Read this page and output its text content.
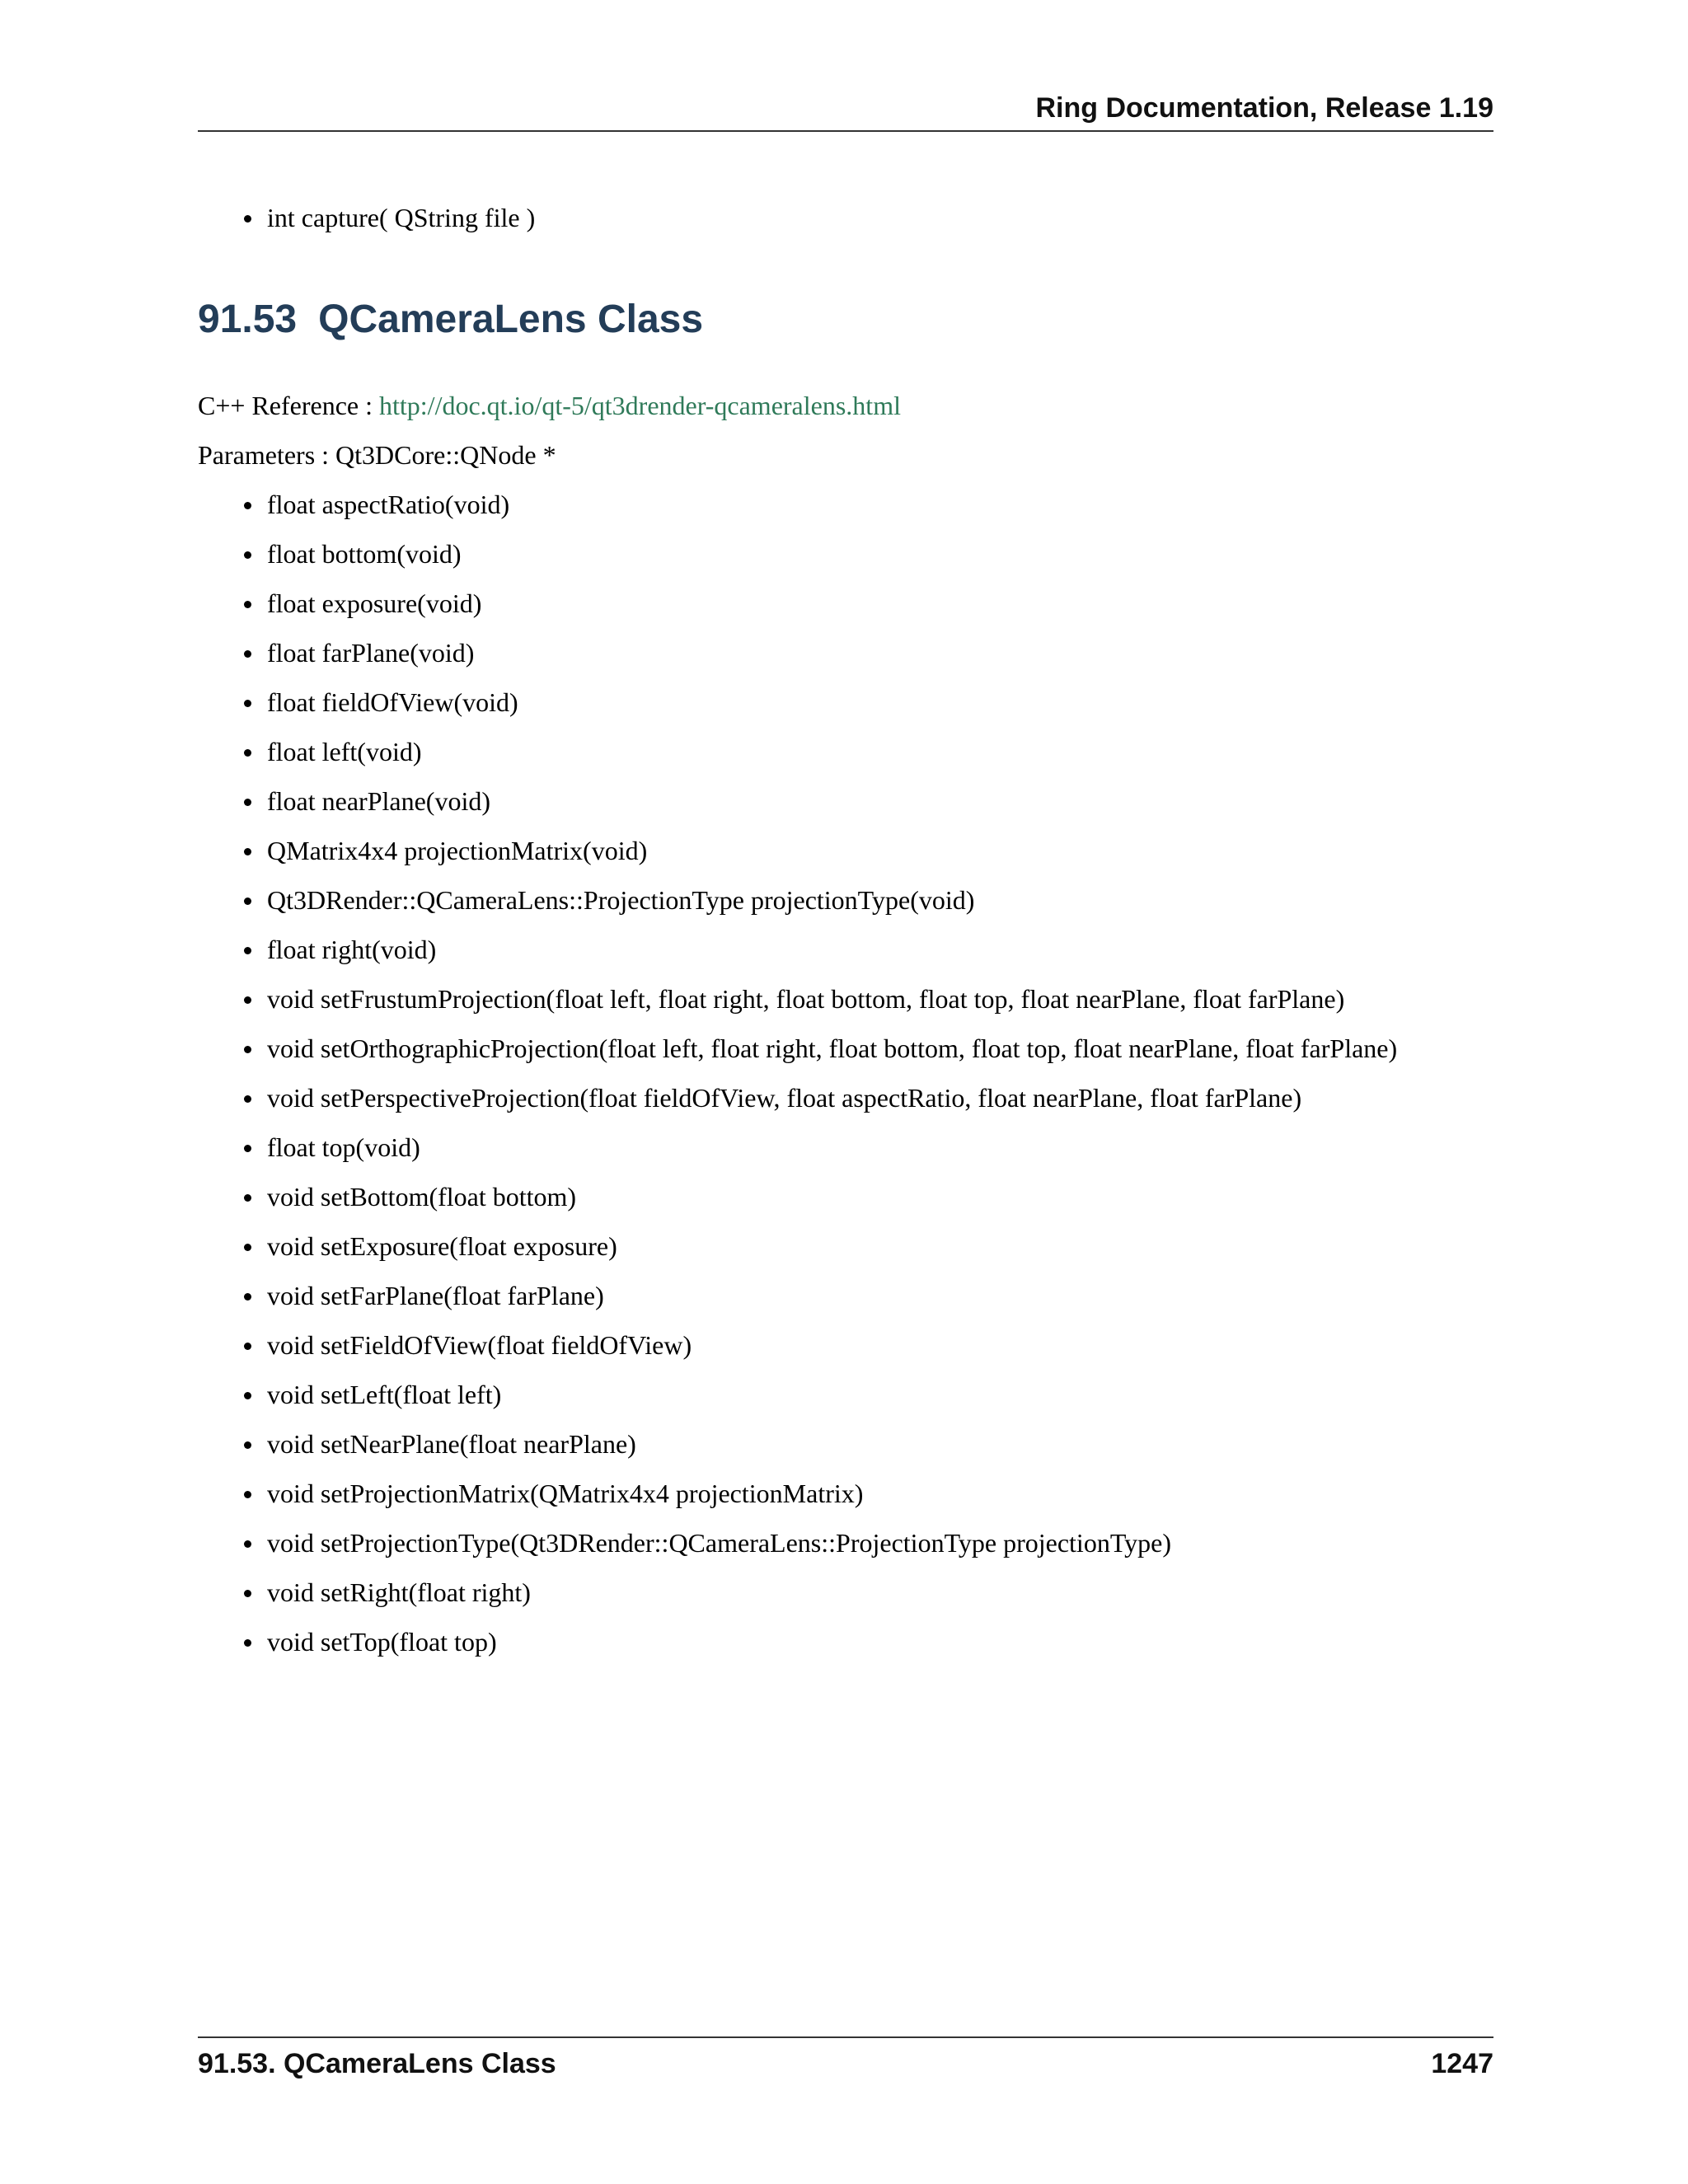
Ring Documentation, Release 1.19
int capture( QString file )
91.53 QCameraLens Class
C++ Reference : http://doc.qt.io/qt-5/qt3drender-qcameralens.html
Parameters : Qt3DCore::QNode *
float aspectRatio(void)
float bottom(void)
float exposure(void)
float farPlane(void)
float fieldOfView(void)
float left(void)
float nearPlane(void)
QMatrix4x4 projectionMatrix(void)
Qt3DRender::QCameraLens::ProjectionType projectionType(void)
float right(void)
void setFrustumProjection(float left, float right, float bottom, float top, float nearPlane, float farPlane)
void setOrthographicProjection(float left, float right, float bottom, float top, float nearPlane, float farPlane)
void setPerspectiveProjection(float fieldOfView, float aspectRatio, float nearPlane, float farPlane)
float top(void)
void setBottom(float bottom)
void setExposure(float exposure)
void setFarPlane(float farPlane)
void setFieldOfView(float fieldOfView)
void setLeft(float left)
void setNearPlane(float nearPlane)
void setProjectionMatrix(QMatrix4x4 projectionMatrix)
void setProjectionType(Qt3DRender::QCameraLens::ProjectionType projectionType)
void setRight(float right)
void setTop(float top)
91.53. QCameraLens Class	1247
